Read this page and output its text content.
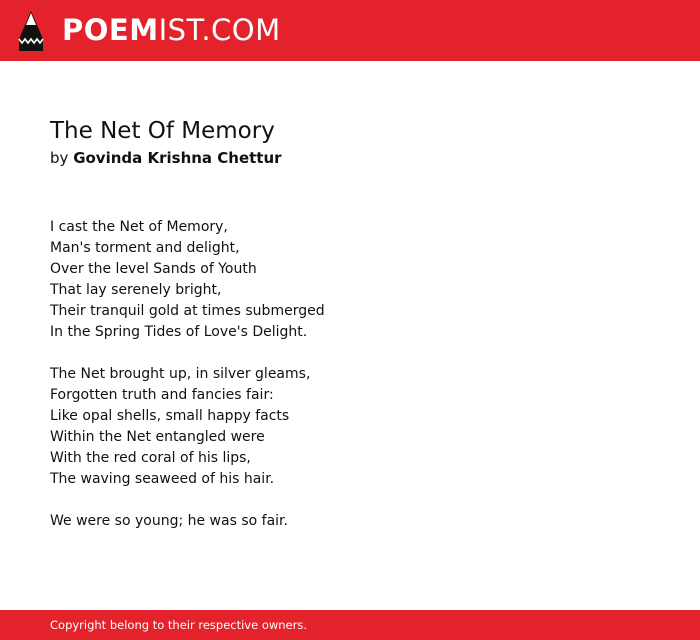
POEMIST.COM
The Net Of Memory
by Govinda Krishna Chettur
I cast the Net of Memory,
Man's torment and delight,
Over the level Sands of Youth
That lay serenely bright,
Their tranquil gold at times submerged
In the Spring Tides of Love's Delight.
The Net brought up, in silver gleams,
Forgotten truth and fancies fair:
Like opal shells, small happy facts
Within the Net entangled were
With the red coral of his lips,
The waving seaweed of his hair.
We were so young; he was so fair.
Copyright belong to their respective owners.
